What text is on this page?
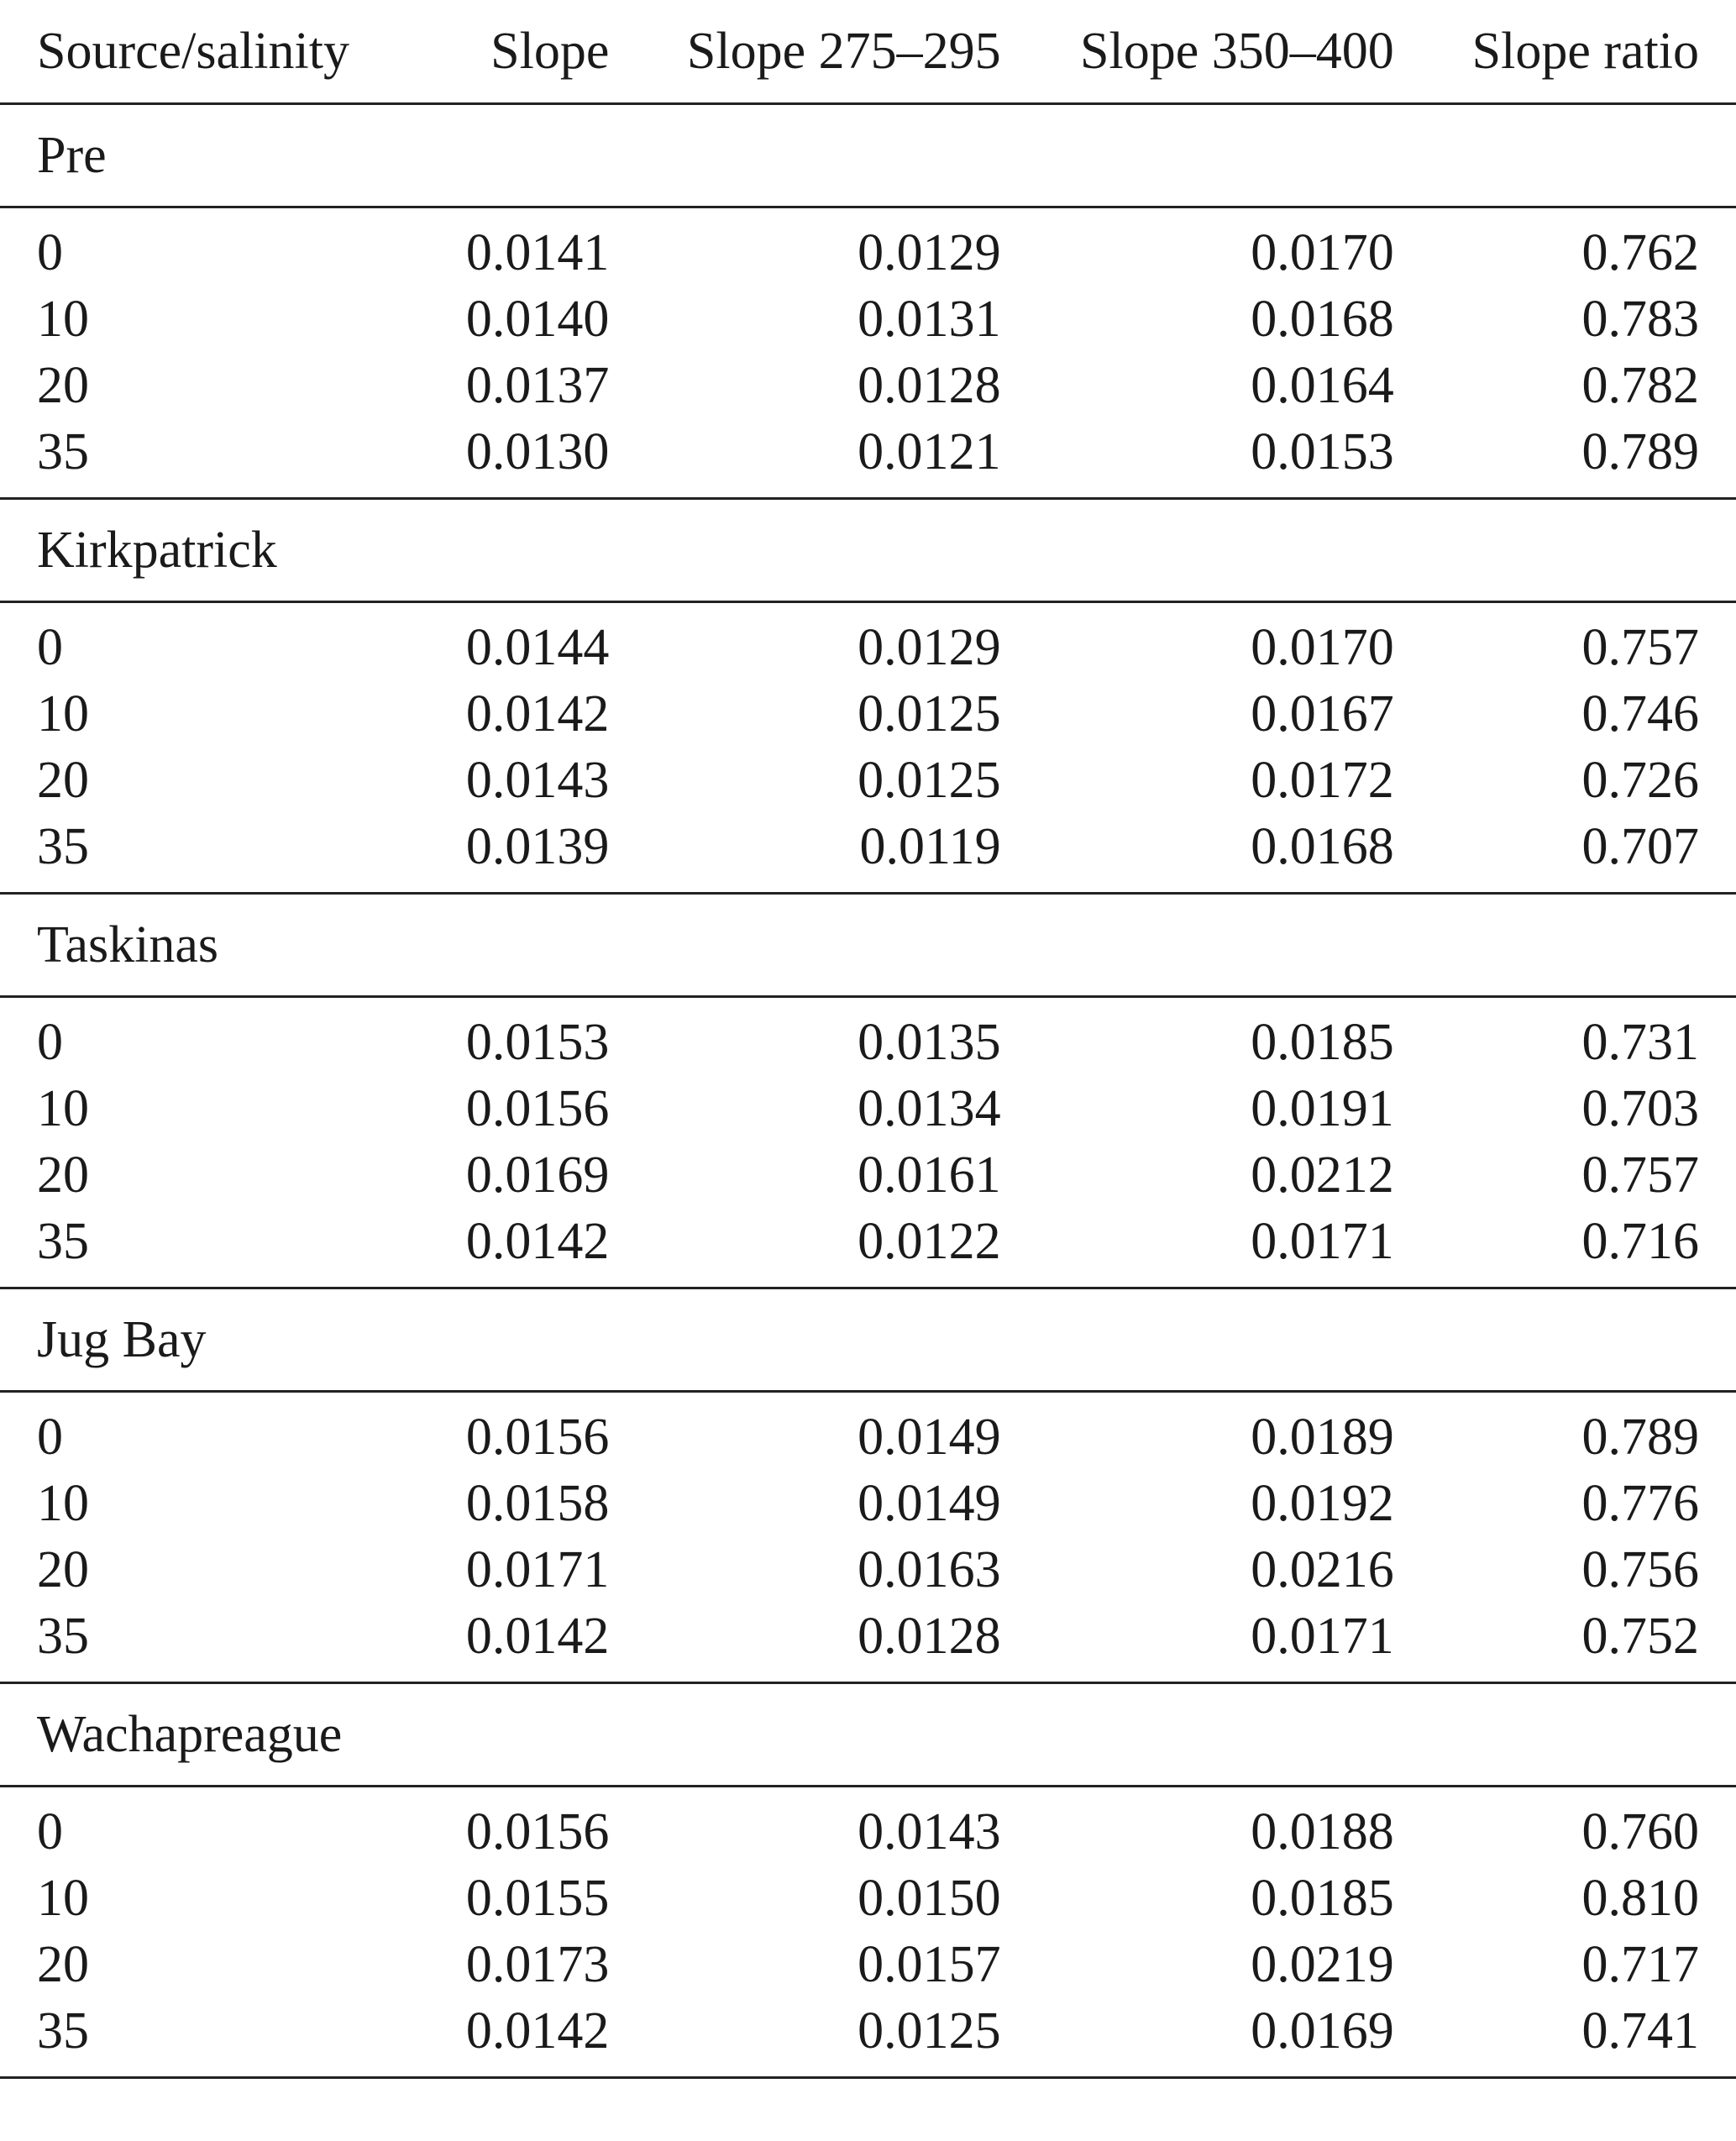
Source/salinity	Slope	Slope 275–295	Slope 350–400	Slope ratio
Pre				
0	0.0141	0.0129	0.0170	0.762
10	0.0140	0.0131	0.0168	0.783
20	0.0137	0.0128	0.0164	0.782
35	0.0130	0.0121	0.0153	0.789
Kirkpatrick				
0	0.0144	0.0129	0.0170	0.757
10	0.0142	0.0125	0.0167	0.746
20	0.0143	0.0125	0.0172	0.726
35	0.0139	0.0119	0.0168	0.707
Taskinas				
0	0.0153	0.0135	0.0185	0.731
10	0.0156	0.0134	0.0191	0.703
20	0.0169	0.0161	0.0212	0.757
35	0.0142	0.0122	0.0171	0.716
Jug Bay				
0	0.0156	0.0149	0.0189	0.789
10	0.0158	0.0149	0.0192	0.776
20	0.0171	0.0163	0.0216	0.756
35	0.0142	0.0128	0.0171	0.752
Wachapreague				
0	0.0156	0.0143	0.0188	0.760
10	0.0155	0.0150	0.0185	0.810
20	0.0173	0.0157	0.0219	0.717
35	0.0142	0.0125	0.0169	0.741
